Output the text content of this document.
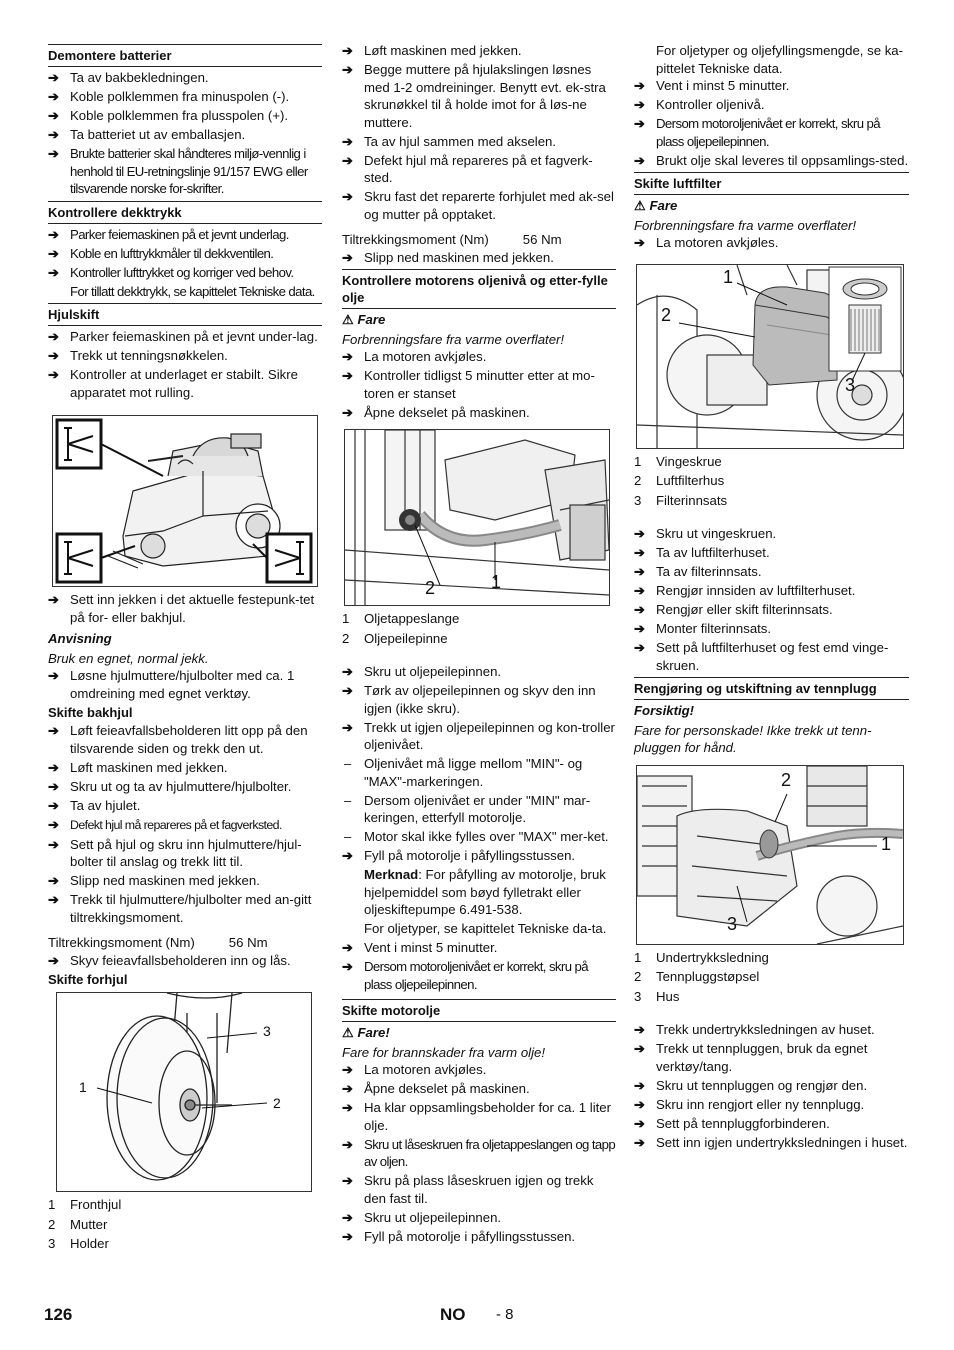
Demontere batterier
➔ Ta av bakbekledningen.
➔ Koble polklemmen fra minuspolen (-).
➔ Koble polklemmen fra plusspolen (+).
➔ Ta batteriet ut av emballasjen.
➔ Brukte batterier skal håndteres miljø-vennlig i henhold til EU-retningslinje 91/157 EWG eller tilsvarende norske for-skrifter.
Kontrollere dekktrykk
➔ Parker feiemaskinen på et jevnt underlag.
➔ Koble en lufttrykkmåler til dekkventilen.
➔ Kontroller lufttrykket og korriger ved behov.
For tillatt dekktrykk, se kapittelet Tekniske data.
Hjulskift
➔ Parker feiemaskinen på et jevnt under-lag.
➔ Trekk ut tenningsnøkkelen.
➔ Kontroller at underlaget er stabilt. Sikre apparatet mot rulling.
➔ Sett inn jekken i det aktuelle festepunk-tet på for- eller bakhjul.
Anvisning
Bruk en egnet, normal jekk.
➔ Løsne hjulmuttere/hjulbolter med ca. 1 omdreining med egnet verktøy.
Skifte bakhjul
➔ Løft feieavfallsbeholderen litt opp på den tilsvarende siden og trekk den ut.
➔ Løft maskinen med jekken.
➔ Skru ut og ta av hjulmuttere/hjulbolter.
➔ Ta av hjulet.
➔ Defekt hjul må repareres på et fagverksted.
➔ Sett på hjul og skru inn hjulmuttere/hjul-bolter til anslag og trekk litt til.
➔ Slipp ned maskinen med jekken.
➔ Trekk til hjulmuttere/hjulbolter med an-gitt tiltrekkingsmoment.
Tiltrekkingsmoment (Nm)	56 Nm
➔ Skyv feieavfallsbeholderen inn og lås.
Skifte forhjul
1
2
3
1	Fronthjul
2	Mutter
3	Holder
➔ Løft maskinen med jekken.
➔ Begge muttere på hjulakslingen løsnes med 1-2 omdreininger. Benytt evt. ek-stra skrunøkkel til å holde imot for å løs-ne muttere.
➔ Ta av hjul sammen med akselen.
➔ Defekt hjul må repareres på et fagverk-sted.
➔ Skru fast det reparerte forhjulet med ak-sel og mutter på opptaket.
Tiltrekkingsmoment (Nm)	56 Nm
➔ Slipp ned maskinen med jekken.
Kontrollere motorens oljenivå og etter-fylle olje
⚠ Fare
Forbrenningsfare fra varme overflater!
➔ La motoren avkjøles.
➔ Kontroller tidligst 5 minutter etter at mo-toren er stanset
➔ Åpne dekselet på maskinen.
2	1
1	Oljetappeslange
2	Oljepeilepinne
➔ Skru ut oljepeilepinnen.
➔ Tørk av oljepeilepinnen og skyv den inn igjen (ikke skru).
➔ Trekk ut igjen oljepeilepinnen og kon-troller oljenivået.
– Oljenivået må ligge mellom "MIN"- og "MAX"-markeringen.
– Dersom oljenivået er under "MIN" mar-keringen, etterfyll motorolje.
– Motor skal ikke fylles over "MAX" mer-ket.
➔ Fyll på motorolje i påfyllingsstussen.
Merknad: For påfylling av motorolje, bruk hjelpemiddel som bøyd fylletrakt eller oljeskiftepumpe 6.491-538.
For oljetyper, se kapittelet Tekniske da-ta.
➔ Vent i minst 5 minutter.
➔ Dersom motoroljenivået er korrekt, skru på plass oljepeilepinnen.
Skifte motorolje
⚠ Fare!
Fare for brannskader fra varm olje!
➔ La motoren avkjøles.
➔ Åpne dekselet på maskinen.
➔ Ha klar oppsamlingsbeholder for ca. 1 liter olje.
➔ Skru ut låseskruen fra oljetappeslangen og tapp av oljen.
➔ Skru på plass låseskruen igjen og trekk den fast til.
➔ Skru ut oljepeilepinnen.
➔ Fyll på motorolje i påfyllingsstussen.
For oljetyper og oljefyllingsmengde, se ka-pittelet Tekniske data.
➔ Vent i minst 5 minutter.
➔ Kontroller oljenivå.
➔ Dersom motoroljenivået er korrekt, skru på plass oljepeilepinnen.
➔ Brukt olje skal leveres til oppsamlings-sted.
Skifte luftfilter
⚠ Fare
Forbrenningsfare fra varme overflater!
➔ La motoren avkjøles.
1
2
3
1	Vingeskrue
2	Luftfilterhus
3	Filterinnsats
➔ Skru ut vingeskruen.
➔ Ta av luftfilterhuset.
➔ Ta av filterinnsats.
➔ Rengjør innsiden av luftfilterhuset.
➔ Rengjør eller skift filterinnsats.
➔ Monter filterinnsats.
➔ Sett på luftfilterhuset og fest emd vinge-skruen.
Rengjøring og utskiftning av tennplugg
Forsiktig!
Fare for personskade! Ikke trekk ut tenn-pluggen for hånd.
2
1
3
1	Undertrykksledning
2	Tennpluggstøpsel
3	Hus
➔ Trekk undertrykksledningen av huset.
➔ Trekk ut tennpluggen, bruk da egnet verktøy/tang.
➔ Skru ut tennpluggen og rengjør den.
➔ Skru inn rengjort eller ny tennplugg.
➔ Sett på tennpluggforbinderen.
➔ Sett inn igjen undertrykksledningen i huset.
126	NO - 8
